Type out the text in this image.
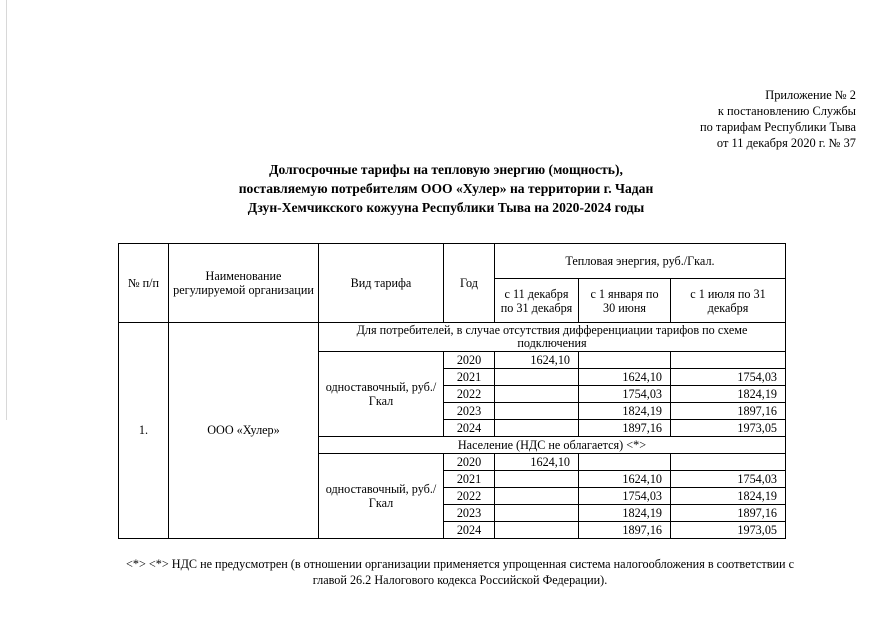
Приложение № 2
к постановлению Службы
по тарифам Республики Тыва
от 11 декабря 2020 г. № 37
Долгосрочные тарифы на тепловую энергию (мощность),
поставляемую потребителям ООО «Хулер» на территории г. Чадан
Дзун-Хемчикского кожууна Республики Тыва на 2020-2024 годы
№ п/п	Наименование регулируемой организации	Вид тарифа	Год	Тепловая энергия, руб./Гкал.		
				с 11 декабря по 31 декабря	с 1 января по 30 июня	с 1 июля по 31 декабря
1.	ООО «Хулер»	Для потребителей, в случае отсутствия дифференциации тарифов по схеме подключения				
		одноставочный, руб./Гкал	2020	1624,10		
			2021		1624,10	1754,03
			2022		1754,03	1824,19
			2023		1824,19	1897,16
			2024		1897,16	1973,05
		Население (НДС не облагается) <*>				
		одноставочный, руб./Гкал	2020	1624,10		
			2021		1624,10	1754,03
			2022		1754,03	1824,19
			2023		1824,19	1897,16
			2024		1897,16	1973,05
<*> <*> НДС не предусмотрен (в отношении организации применяется упрощенная система налогообложения в соответствии с главой 26.2 Налогового кодекса Российской Федерации).
